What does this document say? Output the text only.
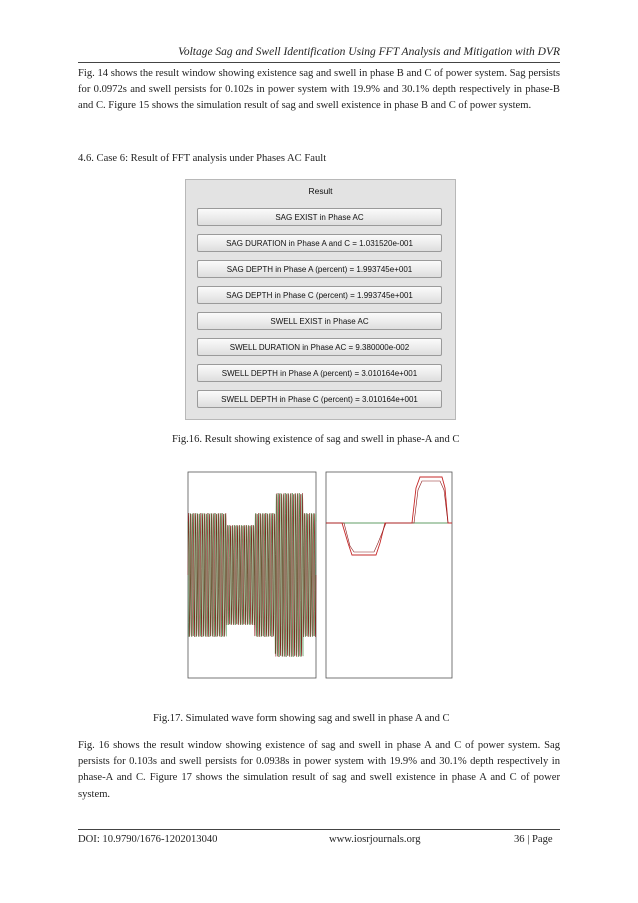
Voltage Sag and Swell Identification Using FFT Analysis and Mitigation with DVR

Fig. 14 shows the result window showing existence sag and swell in phase B and C of power system. Sag persists for 0.0972s and swell persists for 0.102s in power system with 19.9% and 30.1% depth respectively in phase-B and C. Figure 15 shows the simulation result of sag and swell existence in phase B and C of power system.

4.6. Case 6: Result of FFT analysis under Phases AC Fault
Result
SAG EXIST in Phase AC
SAG DURATION in Phase A and C = 1.031520e-001
SAG DEPTH in Phase A (percent) = 1.993745e+001
SAG DEPTH in Phase C (percent) = 1.993745e+001
SWELL EXIST in Phase AC
SWELL DURATION in Phase AC = 9.380000e-002
SWELL DEPTH in Phase A (percent) = 3.010164e+001
SWELL DEPTH in Phase C (percent) = 3.010164e+001
Fig.16. Result showing existence of sag and swell in phase-A and C
Fig.17. Simulated wave form showing sag and swell in phase A and C

Fig. 16 shows the result window showing existence of sag and swell in phase A and C of power system. Sag persists for 0.103s and swell persists for 0.0938s in power system with 19.9% and 30.1% depth respectively in phase-A and C. Figure 17 shows the simulation result of sag and swell existence in phase A and C of power system.

DOI: 10.9790/1676-1202013040	www.iosrjournals.org	36 | Page
